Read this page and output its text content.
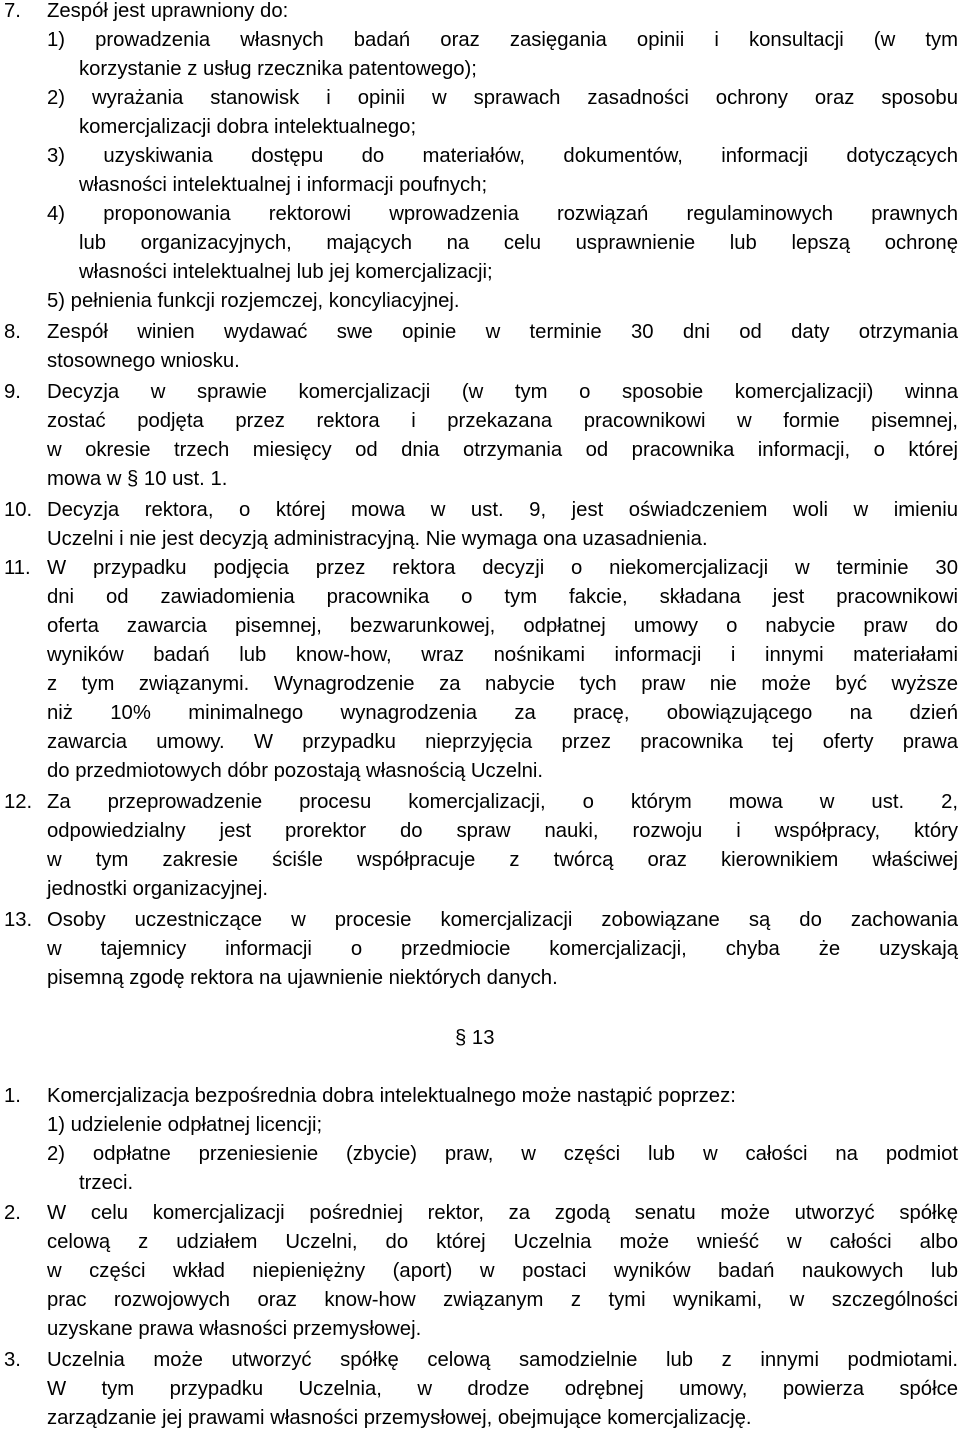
7.	Zespół jest uprawniony do:
1) prowadzenia własnych badań oraz zasięgania opinii i konsultacji (w tym
korzystanie z usług rzecznika patentowego);
2) wyrażania stanowisk i opinii w sprawach zasadności ochrony oraz sposobu
komercjalizacji dobra intelektualnego;
3) uzyskiwania dostępu do materiałów, dokumentów, informacji dotyczących
własności intelektualnej i informacji poufnych;
4) proponowania rektorowi wprowadzenia rozwiązań regulaminowych prawnych
lub organizacyjnych, mających na celu usprawnienie lub lepszą ochronę
własności intelektualnej lub jej komercjalizacji;
5) pełnienia funkcji rozjemczej, koncyliacyjnej.
8.	Zespół winien wydawać swe opinie w terminie 30 dni od daty otrzymania
stosownego wniosku.
9.	Decyzja w sprawie komercjalizacji (w tym o sposobie komercjalizacji) winna
zostać podjęta przez rektora i przekazana pracownikowi w formie pisemnej,
w okresie trzech miesięcy od dnia otrzymania od pracownika informacji, o której
mowa w § 10 ust. 1.
10. Decyzja rektora, o której mowa w ust. 9, jest oświadczeniem woli w imieniu
Uczelni i nie jest decyzją administracyjną. Nie wymaga ona uzasadnienia.
11. W przypadku podjęcia przez rektora decyzji o niekomercjalizacji w terminie 30
dni od zawiadomienia pracownika o tym fakcie, składana jest pracownikowi
oferta zawarcia pisemnej, bezwarunkowej, odpłatnej umowy o nabycie praw do
wyników badań lub know-how, wraz nośnikami informacji i innymi materiałami
z tym związanymi. Wynagrodzenie za nabycie tych praw nie może być wyższe
niż 10% minimalnego wynagrodzenia za pracę, obowiązującego na dzień
zawarcia umowy. W przypadku nieprzyjęcia przez pracownika tej oferty prawa
do przedmiotowych dóbr pozostają własnością Uczelni.
12. Za przeprowadzenie procesu komercjalizacji, o którym mowa w ust. 2,
odpowiedzialny jest prorektor do spraw nauki, rozwoju i współpracy, który
w tym zakresie ściśle współpracuje z twórcą oraz kierownikiem właściwej
jednostki organizacyjnej.
13. Osoby uczestniczące w procesie komercjalizacji zobowiązane są do zachowania
w tajemnicy informacji o przedmiocie komercjalizacji, chyba że uzyskają
pisemną zgodę rektora na ujawnienie niektórych danych.
§ 13
1.	Komercjalizacja bezpośrednia dobra intelektualnego może nastąpić poprzez:
1) udzielenie odpłatnej licencji;
2) odpłatne przeniesienie (zbycie) praw, w części lub w całości na podmiot
trzeci.
2.	W celu komercjalizacji pośredniej rektor, za zgodą senatu może utworzyć spółkę
celową z udziałem Uczelni, do której Uczelnia może wnieść w całości albo
w części wkład niepieniężny (aport) w postaci wyników badań naukowych lub
prac rozwojowych oraz know-how związanym z tymi wynikami, w szczególności
uzyskane prawa własności przemysłowej.
3.	Uczelnia może utworzyć spółkę celową samodzielnie lub z innymi podmiotami.
W tym przypadku Uczelnia, w drodze odrębnej umowy, powierza spółce
zarządzanie jej prawami własności przemysłowej, obejmujące komercjalizację.
